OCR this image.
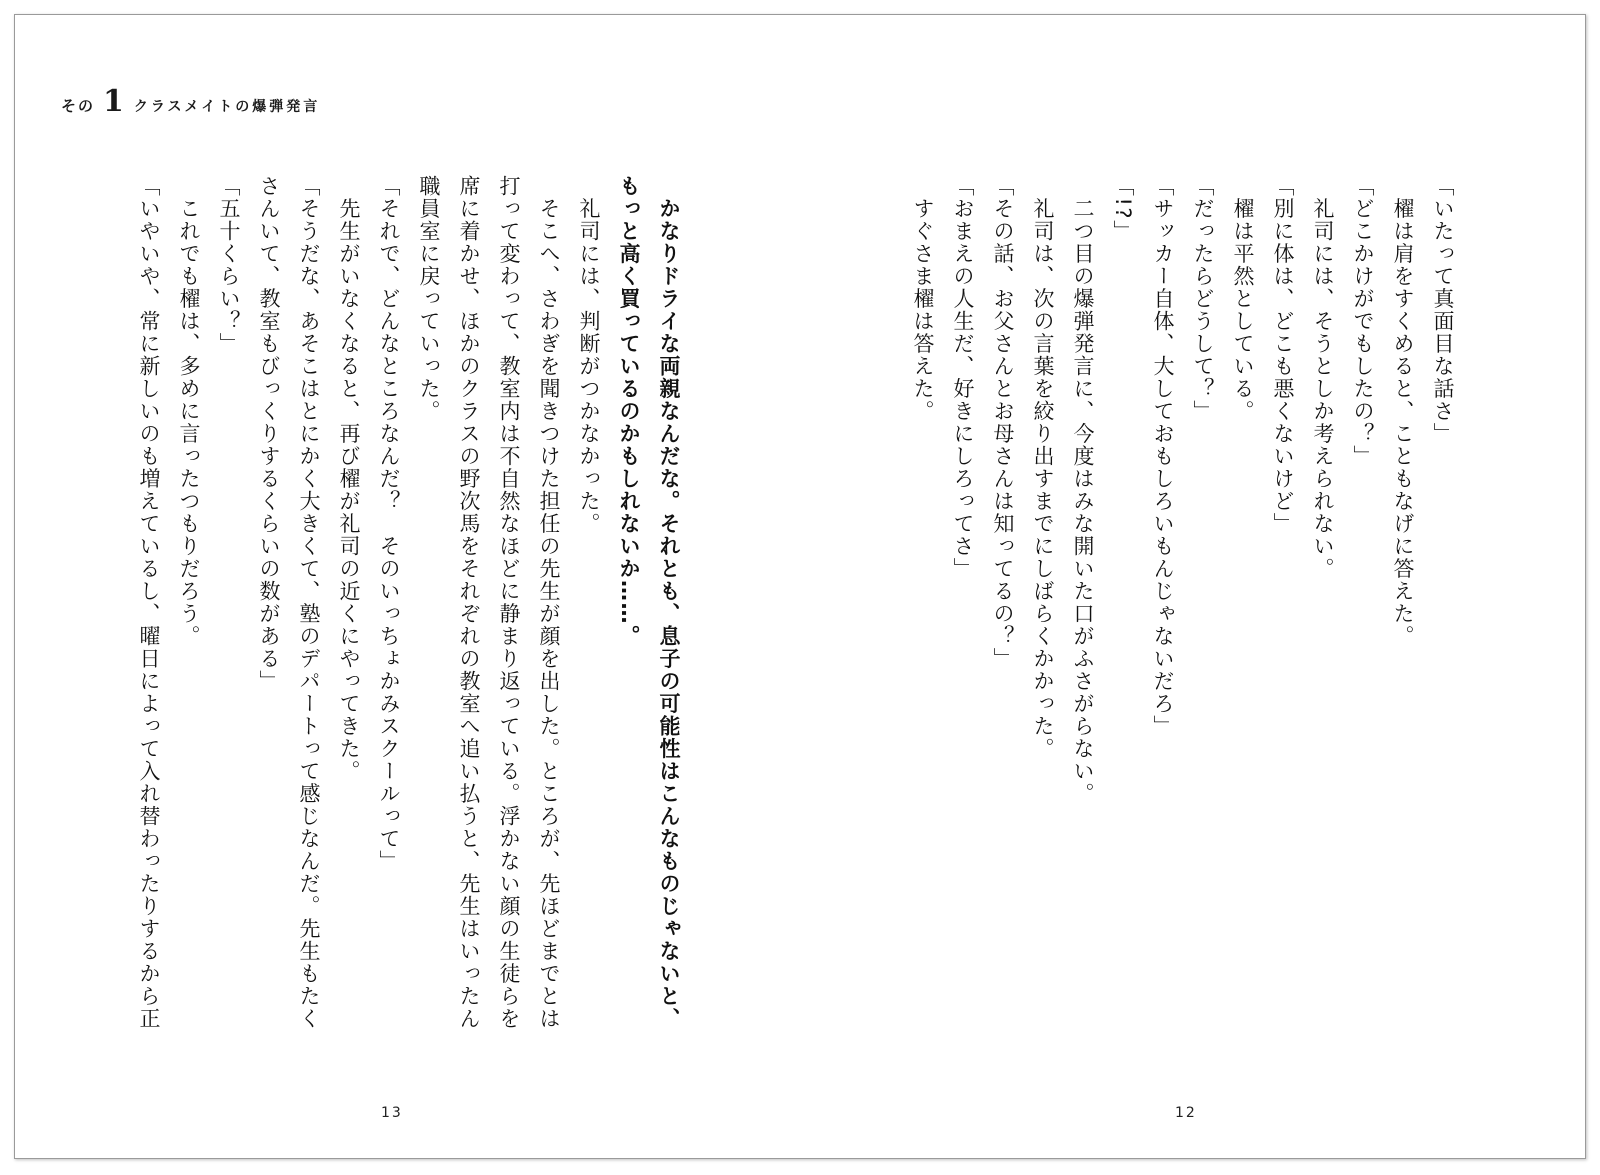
その 1 クラスメイトの爆弾発言
「いたって真面目な話さ」
　櫂は肩をすくめると、こともなげに答えた。
「どこかけがでもしたの？」
　礼司には、そうとしか考えられない。
「別に体は、どこも悪くないけど」
　櫂は平然としている。
「だったらどうして？」
「サッカー自体、大しておもしろいもんじゃないだろ」
「!?」
　二つ目の爆弾発言に、今度はみな開いた口がふさがらない。
　礼司は、次の言葉を絞り出すまでにしばらくかかった。
「その話、お父さんとお母さんは知ってるの？」
「おまえの人生だ、好きにしろってさ」
　すぐさま櫂は答えた。
12
　かなりドライな両親なんだな。それとも、息子の可能性はこんなものじゃないと、
もっと高く買っているのかもしれないか……。
　礼司には、判断がつかなかった。
　そこへ、さわぎを聞きつけた担任の先生が顔を出した。ところが、先ほどまでとは
打って変わって、教室内は不自然なほどに静まり返っている。浮かない顔の生徒らを
席に着かせ、ほかのクラスの野次馬をそれぞれの教室へ追い払うと、先生はいったん
職員室に戻っていった。
「それで、どんなところなんだ？　そのいっちょかみスクールって」
　先生がいなくなると、再び櫂が礼司の近くにやってきた。
「そうだな、あそこはとにかく大きくて、塾のデパートって感じなんだ。先生もたく
さんいて、教室もびっくりするくらいの数がある」
「五十くらい？」
　これでも櫂は、多めに言ったつもりだろう。
「いやいや、常に新しいのも増えているし、曜日によって入れ替わったりするから正
13
